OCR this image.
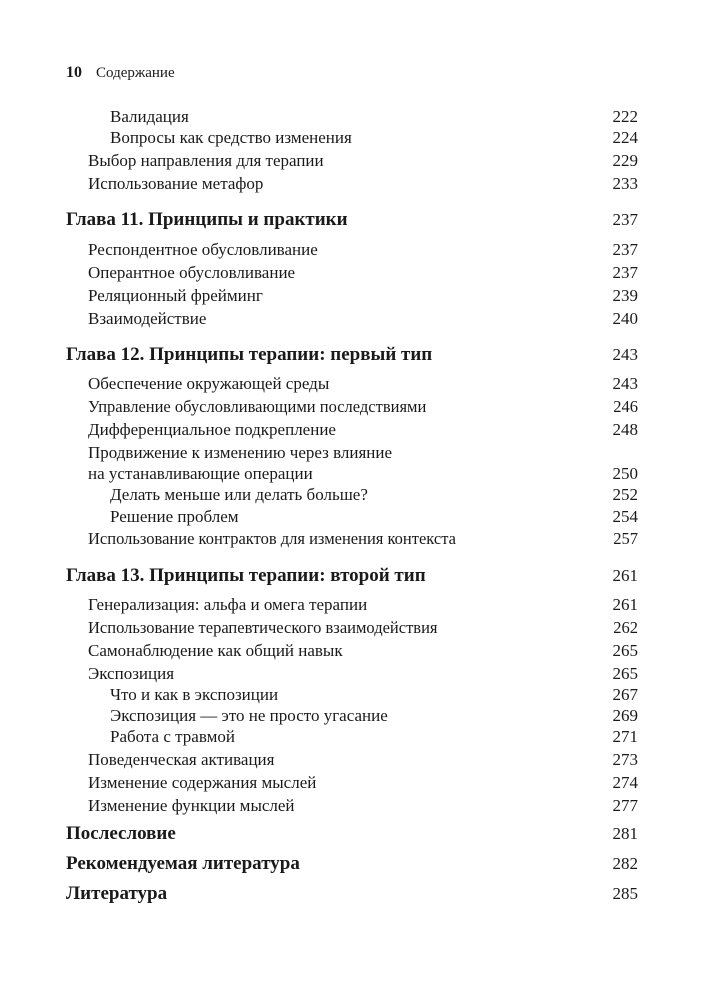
10 Содержание
Валидация	222
Вопросы как средство изменения	224
Выбор направления для терапии	229
Использование метафор	233
Глава 11. Принципы и практики	237
Респондентное обусловливание	237
Оперантное обусловливание	237
Реляционный фрейминг	239
Взаимодействие	240
Глава 12. Принципы терапии: первый тип	243
Обеспечение окружающей среды	243
Управление обусловливающими последствиями	246
Дифференциальное подкрепление	248
Продвижение к изменению через влияние
на устанавливающие операции	250
Делать меньше или делать больше?	252
Решение проблем	254
Использование контрактов для изменения контекста	257
Глава 13. Принципы терапии: второй тип	261
Генерализация: альфа и омега терапии	261
Использование терапевтического взаимодействия	262
Самонаблюдение как общий навык	265
Экспозиция	265
Что и как в экспозиции	267
Экспозиция — это не просто угасание	269
Работа с травмой	271
Поведенческая активация	273
Изменение содержания мыслей	274
Изменение функции мыслей	277
Послесловие	281
Рекомендуемая литература	282
Литература	285
